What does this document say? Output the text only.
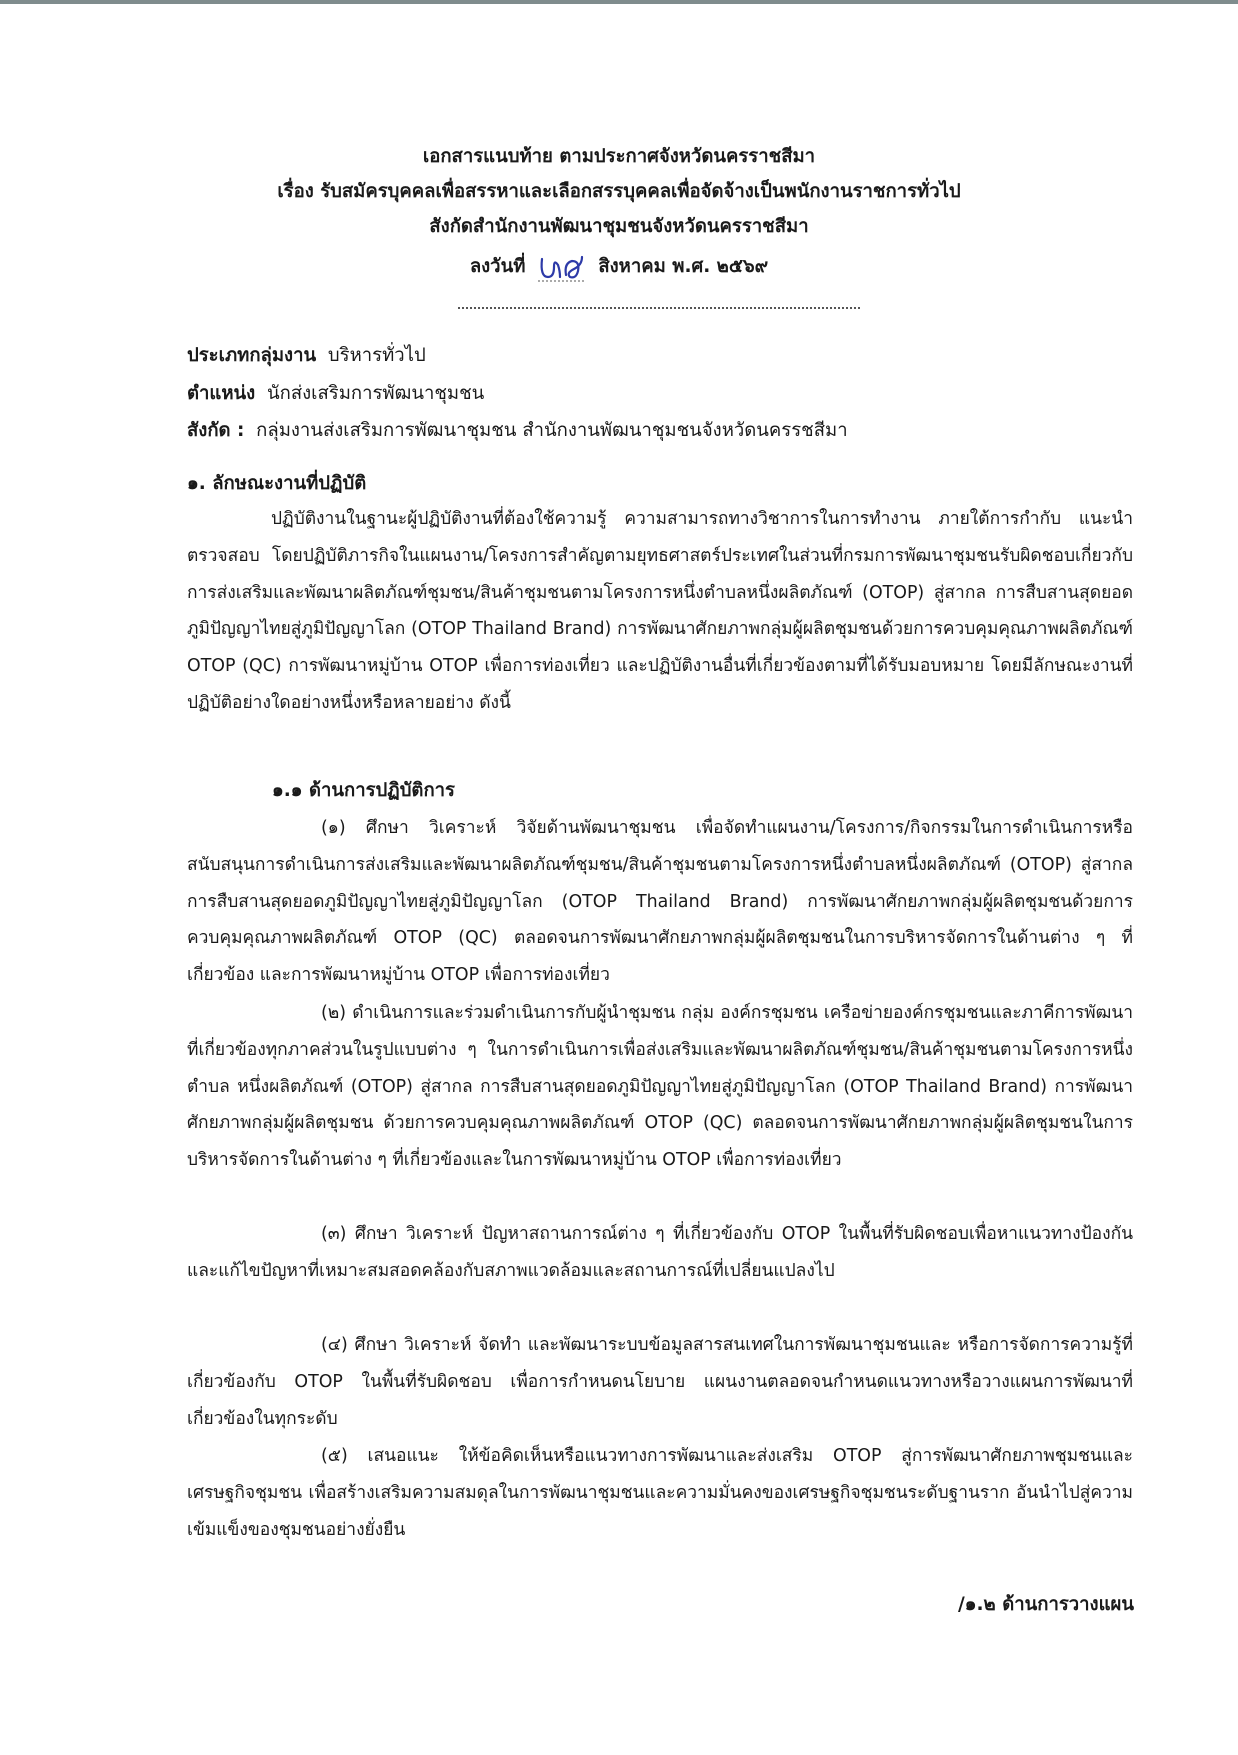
เอกสารแนบท้าย ตามประกาศจังหวัดนครราชสีมา
เรื่อง รับสมัครบุคคลเพื่อสรรหาและเลือกสรรบุคคลเพื่อจัดจ้างเป็นพนักงานราชการทั่วไป
สังกัดสำนักงานพัฒนาชุมชนจังหวัดนครราชสีมา
ลงวันที่	สิงหาคม พ.ศ. ๒๕๖๙
ประเภทกลุ่มงาน บริหารทั่วไป
ตำแหน่ง นักส่งเสริมการพัฒนาชุมชน
สังกัด : กลุ่มงานส่งเสริมการพัฒนาชุมชน สำนักงานพัฒนาชุมชนจังหวัดนครรชสีมา
๑. ลักษณะงานที่ปฏิบัติ
ปฏิบัติงานในฐานะผู้ปฏิบัติงานที่ต้องใช้ความรู้ ความสามารถทางวิชาการในการทำงาน ภายใต้การกำกับ แนะนำ ตรวจสอบ โดยปฏิบัติภารกิจในแผนงาน/โครงการสำคัญตามยุทธศาสตร์ประเทศในส่วนที่กรมการพัฒนาชุมชนรับผิดชอบเกี่ยวกับการส่งเสริมและพัฒนาผลิตภัณฑ์ชุมชน/สินค้าชุมชนตามโครงการหนึ่งตำบลหนึ่งผลิตภัณฑ์ (OTOP) สู่สากล การสืบสานสุดยอดภูมิปัญญาไทยสู่ภูมิปัญญาโลก (OTOP Thailand Brand) การพัฒนาศักยภาพกลุ่มผู้ผลิตชุมชนด้วยการควบคุมคุณภาพผลิตภัณฑ์ OTOP (QC) การพัฒนาหมู่บ้าน OTOP เพื่อการท่องเที่ยว และปฏิบัติงานอื่นที่เกี่ยวข้องตามที่ได้รับมอบหมาย โดยมีลักษณะงานที่ปฏิบัติอย่างใดอย่างหนึ่งหรือหลายอย่าง ดังนี้
๑.๑ ด้านการปฏิบัติการ
(๑) ศึกษา วิเคราะห์ วิจัยด้านพัฒนาชุมชน เพื่อจัดทำแผนงาน/โครงการ/กิจกรรมในการดำเนินการหรือสนับสนุนการดำเนินการส่งเสริมและพัฒนาผลิตภัณฑ์ชุมชน/สินค้าชุมชนตามโครงการหนึ่งตำบลหนึ่งผลิตภัณฑ์ (OTOP) สู่สากล การสืบสานสุดยอดภูมิปัญญาไทยสู่ภูมิปัญญาโลก (OTOP Thailand Brand) การพัฒนาศักยภาพกลุ่มผู้ผลิตชุมชนด้วยการควบคุมคุณภาพผลิตภัณฑ์ OTOP (QC) ตลอดจนการพัฒนาศักยภาพกลุ่มผู้ผลิตชุมชนในการบริหารจัดการในด้านต่าง ๆ ที่เกี่ยวข้อง และการพัฒนาหมู่บ้าน OTOP เพื่อการท่องเที่ยว
(๒) ดำเนินการและร่วมดำเนินการกับผู้นำชุมชน กลุ่ม องค์กรชุมชน เครือข่ายองค์กรชุมชนและภาคีการพัฒนาที่เกี่ยวข้องทุกภาคส่วนในรูปแบบต่าง ๆ ในการดำเนินการเพื่อส่งเสริมและพัฒนาผลิตภัณฑ์ชุมชน/สินค้าชุมชนตามโครงการหนึ่งตำบล หนึ่งผลิตภัณฑ์ (OTOP) สู่สากล การสืบสานสุดยอดภูมิปัญญาไทยสู่ภูมิปัญญาโลก (OTOP Thailand Brand) การพัฒนาศักยภาพกลุ่มผู้ผลิตชุมชน ด้วยการควบคุมคุณภาพผลิตภัณฑ์ OTOP (QC) ตลอดจนการพัฒนาศักยภาพกลุ่มผู้ผลิตชุมชนในการบริหารจัดการในด้านต่าง ๆ ที่เกี่ยวข้องและในการพัฒนาหมู่บ้าน OTOP เพื่อการท่องเที่ยว
(๓) ศึกษา วิเคราะห์ ปัญหาสถานการณ์ต่าง ๆ ที่เกี่ยวข้องกับ OTOP ในพื้นที่รับผิดชอบเพื่อหาแนวทางป้องกันและแก้ไขปัญหาที่เหมาะสมสอดคล้องกับสภาพแวดล้อมและสถานการณ์ที่เปลี่ยนแปลงไป
(๔) ศึกษา วิเคราะห์ จัดทำ และพัฒนาระบบข้อมูลสารสนเทศในการพัฒนาชุมชนและ หรือการจัดการความรู้ที่เกี่ยวข้องกับ OTOP ในพื้นที่รับผิดชอบ เพื่อการกำหนดนโยบาย แผนงานตลอดจนกำหนดแนวทางหรือวางแผนการพัฒนาที่เกี่ยวข้องในทุกระดับ
(๕) เสนอแนะ ให้ข้อคิดเห็นหรือแนวทางการพัฒนาและส่งเสริม OTOP สู่การพัฒนาศักยภาพชุมชนและเศรษฐกิจชุมชน เพื่อสร้างเสริมความสมดุลในการพัฒนาชุมชนและความมั่นคงของเศรษฐกิจชุมชนระดับฐานราก อันนำไปสู่ความเข้มแข็งของชุมชนอย่างยั่งยืน
/๑.๒ ด้านการวางแผน
